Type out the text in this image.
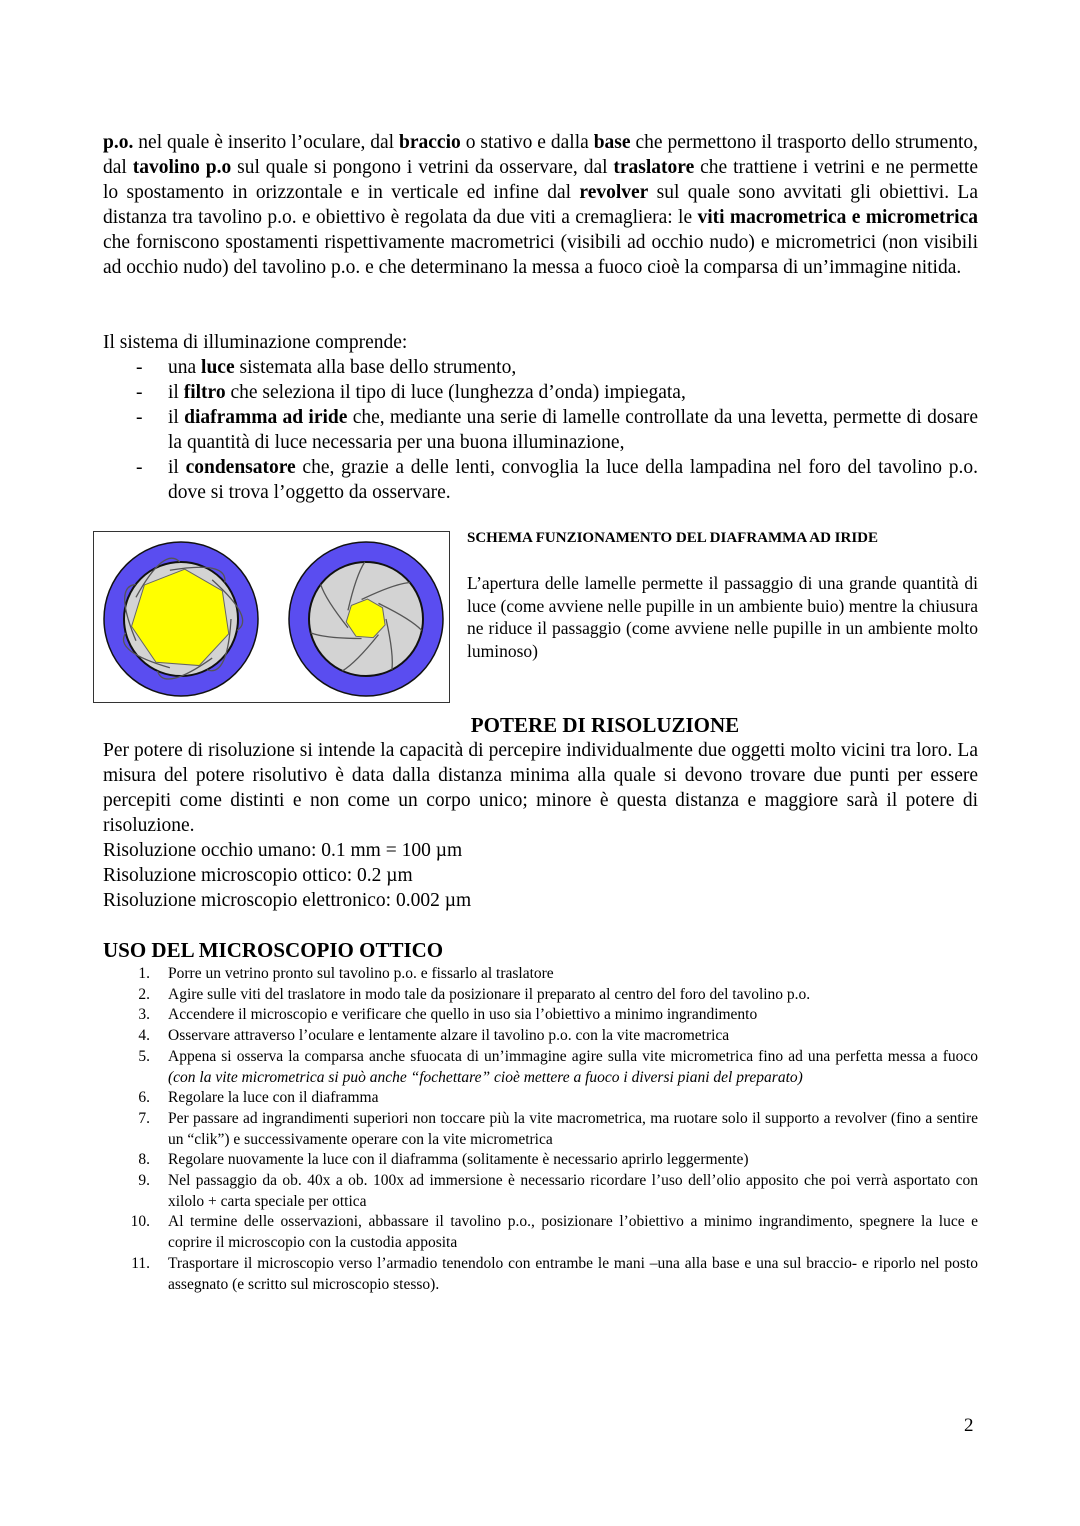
p.o. nel quale è inserito l’oculare, dal braccio o stativo e dalla base che permettono il trasporto dello strumento, dal tavolino p.o sul quale si pongono i vetrini da osservare, dal traslatore che trattiene i vetrini e ne permette lo spostamento in orizzontale e in verticale ed infine dal revolver sul quale sono avvitati gli obiettivi. La distanza tra tavolino p.o. e obiettivo è regolata da due viti a cremagliera: le viti macrometrica e micrometrica che forniscono spostamenti rispettivamente macrometrici (visibili ad occhio nudo) e micrometrici (non visibili ad occhio nudo) del tavolino p.o. e che determinano la messa a fuoco cioè la comparsa di un’immagine nitida.
Il sistema di illuminazione comprende:
- una luce sistemata alla base dello strumento,
- il filtro che seleziona il tipo di luce (lunghezza d’onda) impiegata,
- il diaframma ad iride che, mediante una serie di lamelle controllate da una levetta, permette di dosare la quantità di luce necessaria per una buona illuminazione,
- il condensatore che, grazie a delle lenti, convoglia la luce della lampadina nel foro del tavolino p.o. dove si trova l’oggetto da osservare.
SCHEMA FUNZIONAMENTO DEL DIAFRAMMA AD IRIDE
L’apertura delle lamelle permette il passaggio di una grande quantità di luce (come avviene nelle pupille in un ambiente buio) mentre la chiusura ne riduce il passaggio (come avviene nelle pupille in un ambiente molto luminoso)
POTERE DI RISOLUZIONE
Per potere di risoluzione si intende la capacità di percepire individualmente due oggetti molto vicini tra loro. La misura del potere risolutivo è data dalla distanza minima alla quale si devono trovare due punti per essere percepiti come distinti e non come un corpo unico; minore è questa distanza e maggiore sarà il potere di risoluzione.
Risoluzione occhio umano: 0.1 mm = 100 µm
Risoluzione microscopio ottico: 0.2 µm
Risoluzione microscopio elettronico: 0.002 µm
USO DEL MICROSCOPIO OTTICO
1. Porre un vetrino pronto sul tavolino p.o. e fissarlo al traslatore
2. Agire sulle viti del traslatore in modo tale da posizionare il preparato al centro del foro del tavolino p.o.
3. Accendere il microscopio e verificare che quello in uso sia l’obiettivo a minimo ingrandimento
4. Osservare attraverso l’oculare e lentamente alzare il tavolino p.o. con la vite macrometrica
5. Appena si osserva la comparsa anche sfuocata di un’immagine agire sulla vite micrometrica fino ad una perfetta messa a fuoco (con la vite micrometrica si può anche “fochettare” cioè mettere a fuoco i diversi piani del preparato)
6. Regolare la luce con il diaframma
7. Per passare ad ingrandimenti superiori non toccare più la vite macrometrica, ma ruotare solo il supporto a revolver (fino a sentire un “clik”) e successivamente operare con la vite micrometrica
8. Regolare nuovamente la luce con il diaframma (solitamente è necessario aprirlo leggermente)
9. Nel passaggio da ob. 40x a ob. 100x ad immersione è necessario ricordare l’uso dell’olio apposito che poi verrà asportato con xilolo + carta speciale per ottica
10. Al termine delle osservazioni, abbassare il tavolino p.o., posizionare l’obiettivo a minimo ingrandimento, spegnere la luce e coprire il microscopio con la custodia apposita
11. Trasportare il microscopio verso l’armadio tenendolo con entrambe le mani –una alla base e una sul braccio- e riporlo nel posto assegnato (e scritto sul microscopio stesso).
2
